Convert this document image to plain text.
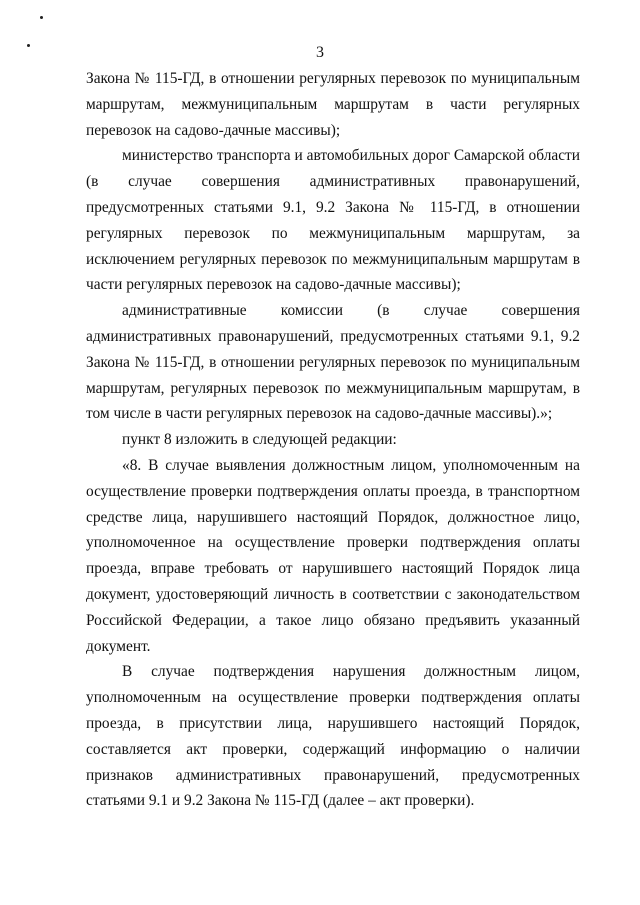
3

Закона № 115-ГД, в отношении регулярных перевозок по муниципальным маршрутам, межмуниципальным маршрутам в части регулярных перевозок на садово-дачные массивы);

министерство транспорта и автомобильных дорог Самарской области (в случае совершения административных правонарушений, предусмотренных статьями 9.1, 9.2 Закона № 115-ГД, в отношении регулярных перевозок по межмуниципальным маршрутам, за исключением регулярных перевозок по межмуниципальным маршрутам в части регулярных перевозок на садово-дачные массивы);

административные комиссии (в случае совершения административных правонарушений, предусмотренных статьями 9.1, 9.2 Закона № 115-ГД, в отношении регулярных перевозок по муниципальным маршрутам, регулярных перевозок по межмуниципальным маршрутам, в том числе в части регулярных перевозок на садово-дачные массивы).»;

пункт 8 изложить в следующей редакции:

«8. В случае выявления должностным лицом, уполномоченным на осуществление проверки подтверждения оплаты проезда, в транспортном средстве лица, нарушившего настоящий Порядок, должностное лицо, уполномоченное на осуществление проверки подтверждения оплаты проезда, вправе требовать от нарушившего настоящий Порядок лица документ, удостоверяющий личность в соответствии с законодательством Российской Федерации, а такое лицо обязано предъявить указанный документ.

В случае подтверждения нарушения должностным лицом, уполномоченным на осуществление проверки подтверждения оплаты проезда, в присутствии лица, нарушившего настоящий Порядок, составляется акт проверки, содержащий информацию о наличии признаков административных правонарушений, предусмотренных статьями 9.1 и 9.2 Закона № 115-ГД (далее – акт проверки).
